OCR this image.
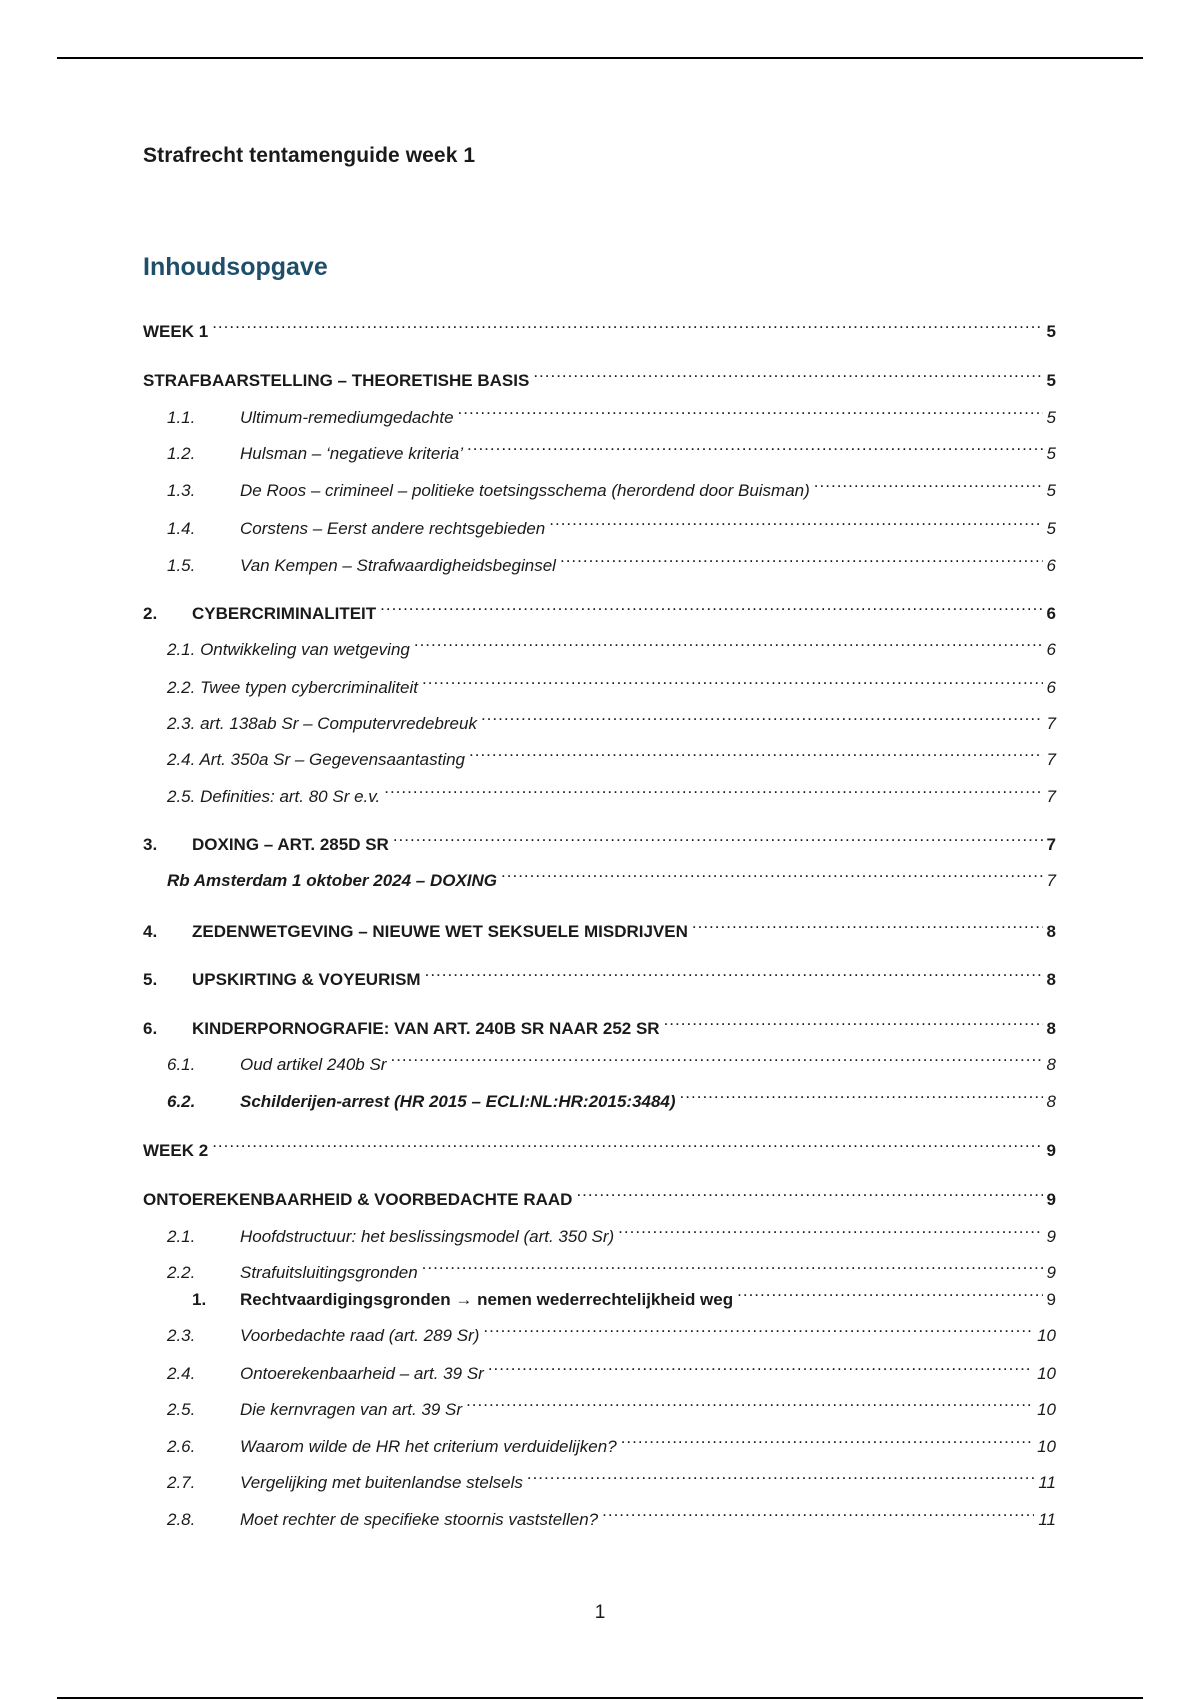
Strafrecht tentamenguide week 1
Inhoudsopgave
WEEK 1 .....	5
STRAFBAARSTELLING – THEORETISHE BASIS .....	5
1.1.	Ultimum-remediumgedachte .....	5
1.2.	Hulsman – ‘negatieve kriteria’ .....	5
1.3.	De Roos – crimineel – politieke toetsingsschema (herordend door Buisman) .....	5
1.4.	Corstens – Eerst andere rechtsgebieden .....	5
1.5.	Van Kempen – Strafwaardigheidsbeginsel .....	6
2.	CYBERCRIMINALITEIT .....	6
2.1. Ontwikkeling van wetgeving .....	6
2.2. Twee typen cybercriminaliteit .....	6
2.3. art. 138ab Sr – Computervredebreuk .....	7
2.4. Art. 350a Sr – Gegevensaantasting .....	7
2.5. Definities: art. 80 Sr e.v. .....	7
3.	DOXING – ART. 285D SR .....	7
Rb Amsterdam 1 oktober 2024 – DOXING .....	7
4.	ZEDENWETGEVING – NIEUWE WET SEKSUELE MISDRIJVEN .....	8
5.	UPSKIRTING & VOYEURISM .....	8
6.	KINDERPORNOGRAFIE: VAN ART. 240B SR NAAR 252 SR .....	8
6.1.	Oud artikel 240b Sr .....	8
6.2.	Schilderijen-arrest (HR 2015 – ECLI:NL:HR:2015:3484) .....	8
WEEK 2 .....	9
ONTOEREKENBAARHEID & VOORBEDACHTE RAAD .....	9
2.1.	Hoofdstructuur: het beslissingsmodel (art. 350 Sr) .....	9
2.2.	Strafuitsluitingsgronden .....	9
1.	Rechtvaardigingsgronden → nemen wederrechtelijkheid weg .....	9
2.3.	Voorbedachte raad (art. 289 Sr) .....	10
2.4.	Ontoerekenbaarheid – art. 39 Sr .....	10
2.5.	Die kernvragen van art. 39 Sr .....	10
2.6.	Waarom wilde de HR het criterium verduidelijken? .....	10
2.7.	Vergelijking met buitenlandse stelsels .....	11
2.8.	Moet rechter de specifieke stoornis vaststellen? .....	11
1
